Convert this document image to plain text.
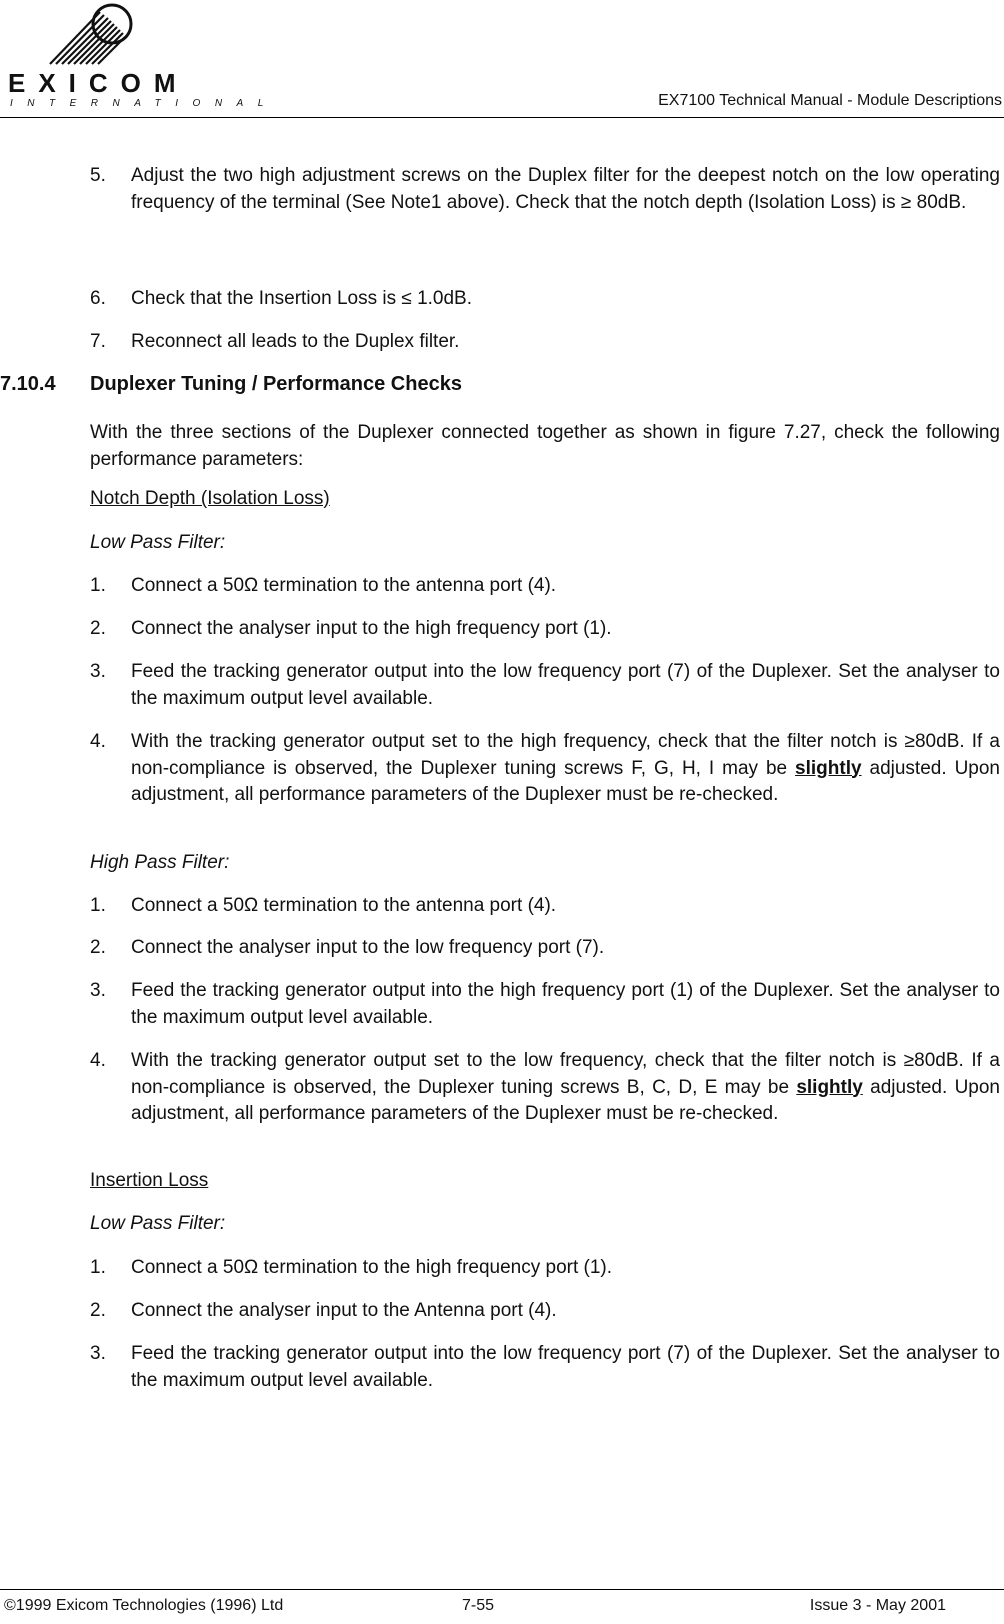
EXICOM
INTERNATIONAL	EX7100 Technical Manual - Module Descriptions
5. Adjust the two high adjustment screws on the Duplex filter for the deepest notch on the low operating frequency of the terminal (See Note1 above). Check that the notch depth (Isolation Loss) is ≥ 80dB.
6. Check that the Insertion Loss is ≤ 1.0dB.
7. Reconnect all leads to the Duplex filter.
7.10.4 Duplexer Tuning / Performance Checks
With the three sections of the Duplexer connected together as shown in figure 7.27, check the following performance parameters:
Notch Depth (Isolation Loss)
Low Pass Filter:
1. Connect a 50Ω termination to the antenna port (4).
2. Connect the analyser input to the high frequency port (1).
3. Feed the tracking generator output into the low frequency port (7) of the Duplexer. Set the analyser to the maximum output level available.
4. With the tracking generator output set to the high frequency, check that the filter notch is ≥80dB. If a non-compliance is observed, the Duplexer tuning screws F, G, H, I may be slightly adjusted. Upon adjustment, all performance parameters of the Duplexer must be re-checked.
High Pass Filter:
1. Connect a 50Ω termination to the antenna port (4).
2. Connect the analyser input to the low frequency port (7).
3. Feed the tracking generator output into the high frequency port (1) of the Duplexer. Set the analyser to the maximum output level available.
4. With the tracking generator output set to the low frequency, check that the filter notch is ≥80dB. If a non-compliance is observed, the Duplexer tuning screws B, C, D, E may be slightly adjusted. Upon adjustment, all performance parameters of the Duplexer must be re-checked.
Insertion Loss
Low Pass Filter:
1. Connect a 50Ω termination to the high frequency port (1).
2. Connect the analyser input to the Antenna port (4).
3. Feed the tracking generator output into the low frequency port (7) of the Duplexer. Set the analyser to the maximum output level available.
©1999 Exicom Technologies (1996) Ltd	7-55	Issue 3 - May 2001
